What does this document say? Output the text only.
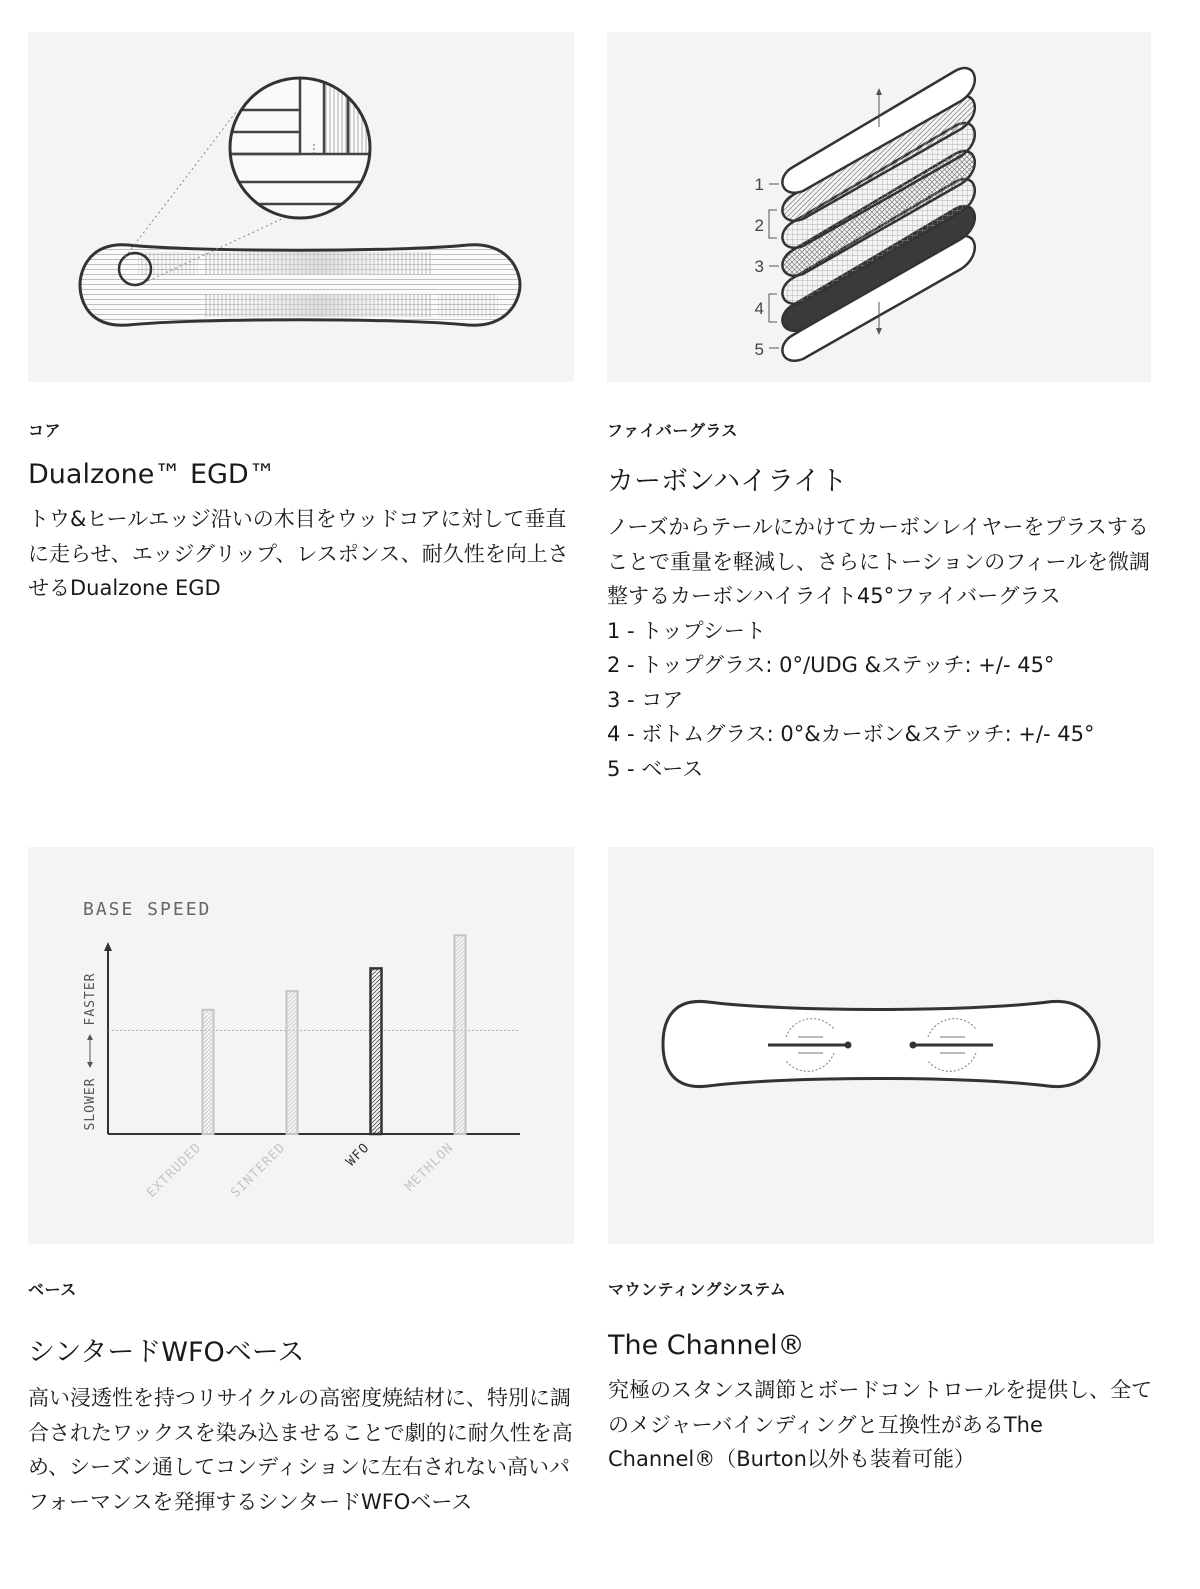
コア
Dualzone™ EGD™

トウ&ヒールエッジ沿いの木目をウッドコアに対して垂直に走らせ、エッジグリップ、レスポンス、耐久性を向上させるDualzone EGD

1
2
3
4
5
ファイバーグラス
カーボンハイライト

ノーズからテールにかけてカーボンレイヤーをプラスすることで重量を軽減し、さらにトーションのフィールを微調整するカーボンハイライト45°ファイバーグラス

1 - トップシート

2 - トップグラス: 0°/UDG &ステッチ: +/- 45°

3 - コア

4 - ボトムグラス: 0°&カーボン&ステッチ: +/- 45°

5 - ベース

BASE SPEED
FASTER
SLOWER
EXTRUDED SINTERED	WFO METHLON
ベース
シンタードWFOベース

高い浸透性を持つリサイクルの高密度焼結材に、特別に調合されたワックスを染み込ませることで劇的に耐久性を高め、シーズン通してコンディションに左右されない高いパフォーマンスを発揮するシンタードWFOベース

マウンティングシステム
The Channel®

究極のスタンス調節とボードコントロールを提供し、全てのメジャーバインディングと互換性があるThe Channel®（Burton以外も装着可能）
